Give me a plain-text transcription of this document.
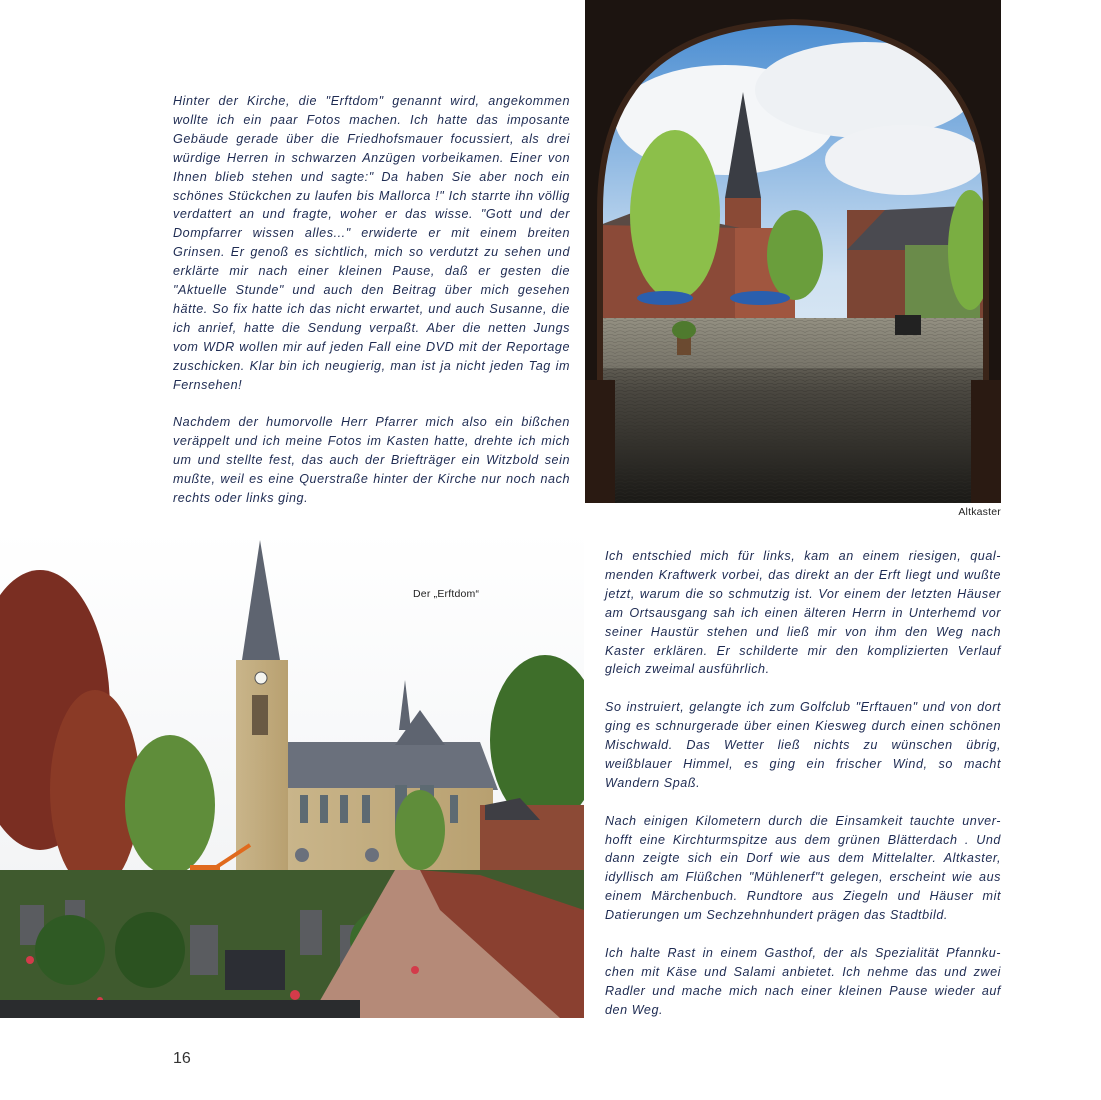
Hinter der Kirche, die "Erftdom" genannt wird, angekommen wollte ich ein paar Fotos machen. Ich hatte das imposante Gebäude gerade über die Friedhofsmauer focussiert, als drei würdige Herren in schwarzen Anzügen vorbeikamen. Einer von Ihnen blieb stehen und sagte:" Da haben Sie aber noch ein schönes Stückchen zu laufen bis Mallorca !" Ich starrte ihn völlig verdattert an und fragte, woher er das wisse. "Gott und der Dompfarrer wissen alles..." erwiderte er mit einem breiten Grinsen. Er genoß es sichtlich, mich so verdutzt zu sehen und erklärte mir nach einer kleinen Pause, daß er gesten die "Aktuelle Stunde" und auch den Beitrag über mich gesehen hätte. So fix hatte ich das nicht erwartet, und auch Susanne, die ich anrief, hatte die Sendung verpaßt. Aber die netten Jungs vom WDR wollen mir auf jeden Fall eine DVD mit der Reportage zuschicken. Klar bin ich neugierig, man ist ja nicht jeden Tag im Fernsehen!

Nachdem der humorvolle Herr Pfarrer mich also ein bißchen veräppelt und ich meine Fotos im Kasten hatte, drehte ich mich um und stellte fest, das auch der Briefträger ein Witzbold sein mußte, weil es eine Querstraße hinter der Kirche nur noch nach rechts oder links ging.

Altkaster
Der „Erftdom“

Ich entschied mich für links, kam an einem riesigen, qual-menden Kraftwerk vorbei, das direkt an der Erft liegt und wußte jetzt, warum die so schmutzig ist. Vor einem der letzten Häuser am Ortsausgang sah ich einen älteren Herrn in Unterhemd vor seiner Haustür stehen und ließ mir von ihm den Weg nach Kaster erklären. Er schilderte mir den komplizierten Verlauf gleich zweimal ausführlich.

So instruiert, gelangte ich zum Golfclub "Erftauen" und von dort ging es schnurgerade über einen Kiesweg durch einen schönen Mischwald. Das Wetter ließ nichts zu wünschen übrig, weißblauer Himmel, es ging ein frischer Wind, so macht Wandern Spaß.

Nach einigen Kilometern durch die Einsamkeit tauchte unver-hofft eine Kirchturmspitze aus dem grünen Blätterdach . Und dann zeigte sich ein Dorf wie aus dem Mittelalter. Altkaster, idyllisch am Flüßchen "Mühlenerf"t gelegen, erscheint wie aus einem Märchenbuch. Rundtore aus Ziegeln und Häuser mit Datierungen um Sechzehnhundert prägen das Stadtbild.

Ich halte Rast in einem Gasthof, der als Spezialität Pfannku-chen mit Käse und Salami anbietet. Ich nehme das und zwei Radler und mache mich nach einer kleinen Pause wieder auf den Weg.

16
